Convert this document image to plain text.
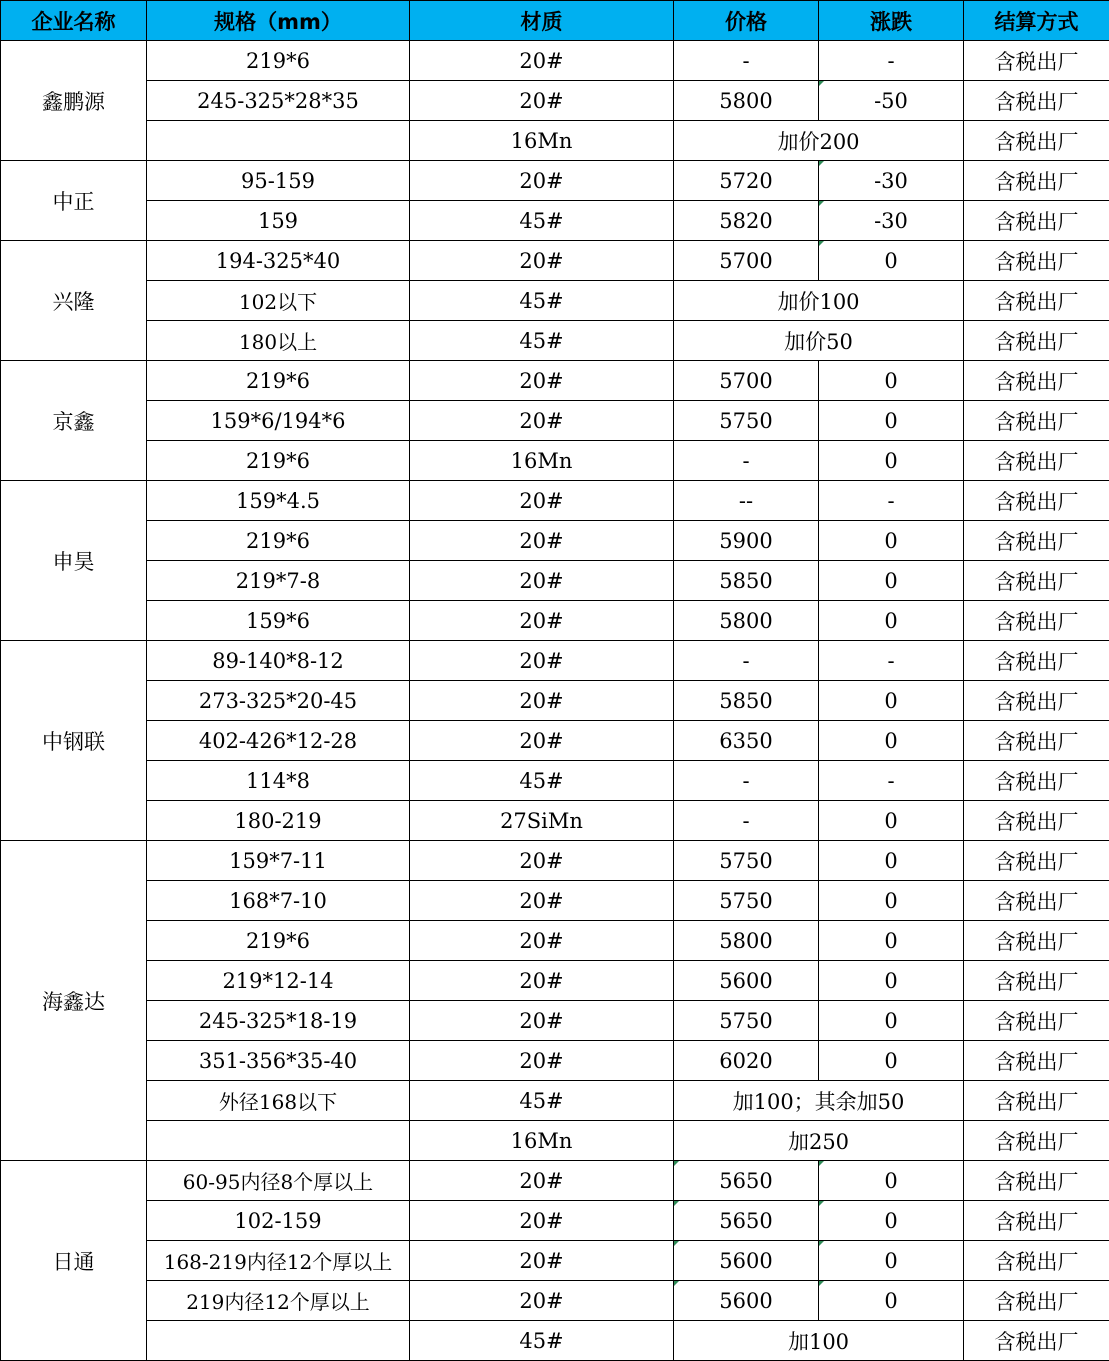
企业名称	规格（mm）	材质	价格	涨跌	结算方式
鑫鹏源	219*6	20#	-	-	含税出厂
	245-325*28*35	20#	5800	-50	含税出厂
		16Mn	加价200		含税出厂
中正	95-159	20#	5720	-30	含税出厂
	159	45#	5820	-30	含税出厂
兴隆	194-325*40	20#	5700	0	含税出厂
	102以下	45#	加价100		含税出厂
	180以上	45#	加价50		含税出厂
京鑫	219*6	20#	5700	0	含税出厂
	159*6/194*6	20#	5750	0	含税出厂
	219*6	16Mn	-	0	含税出厂
申昊	159*4.5	20#	--	-	含税出厂
	219*6	20#	5900	0	含税出厂
	219*7-8	20#	5850	0	含税出厂
	159*6	20#	5800	0	含税出厂
中钢联	89-140*8-12	20#	-	-	含税出厂
	273-325*20-45	20#	5850	0	含税出厂
	402-426*12-28	20#	6350	0	含税出厂
	114*8	45#	-	-	含税出厂
	180-219	27SiMn	-	0	含税出厂
海鑫达	159*7-11	20#	5750	0	含税出厂
	168*7-10	20#	5750	0	含税出厂
	219*6	20#	5800	0	含税出厂
	219*12-14	20#	5600	0	含税出厂
	245-325*18-19	20#	5750	0	含税出厂
	351-356*35-40	20#	6020	0	含税出厂
	外径168以下	45#	加100；其余加50		含税出厂
		16Mn	加250		含税出厂
日通	60-95内径8个厚以上	20#	5650	0	含税出厂
	102-159	20#	5650	0	含税出厂
	168-219内径12个厚以上	20#	5600	0	含税出厂
	219内径12个厚以上	20#	5600	0	含税出厂
		45#	加100		含税出厂
